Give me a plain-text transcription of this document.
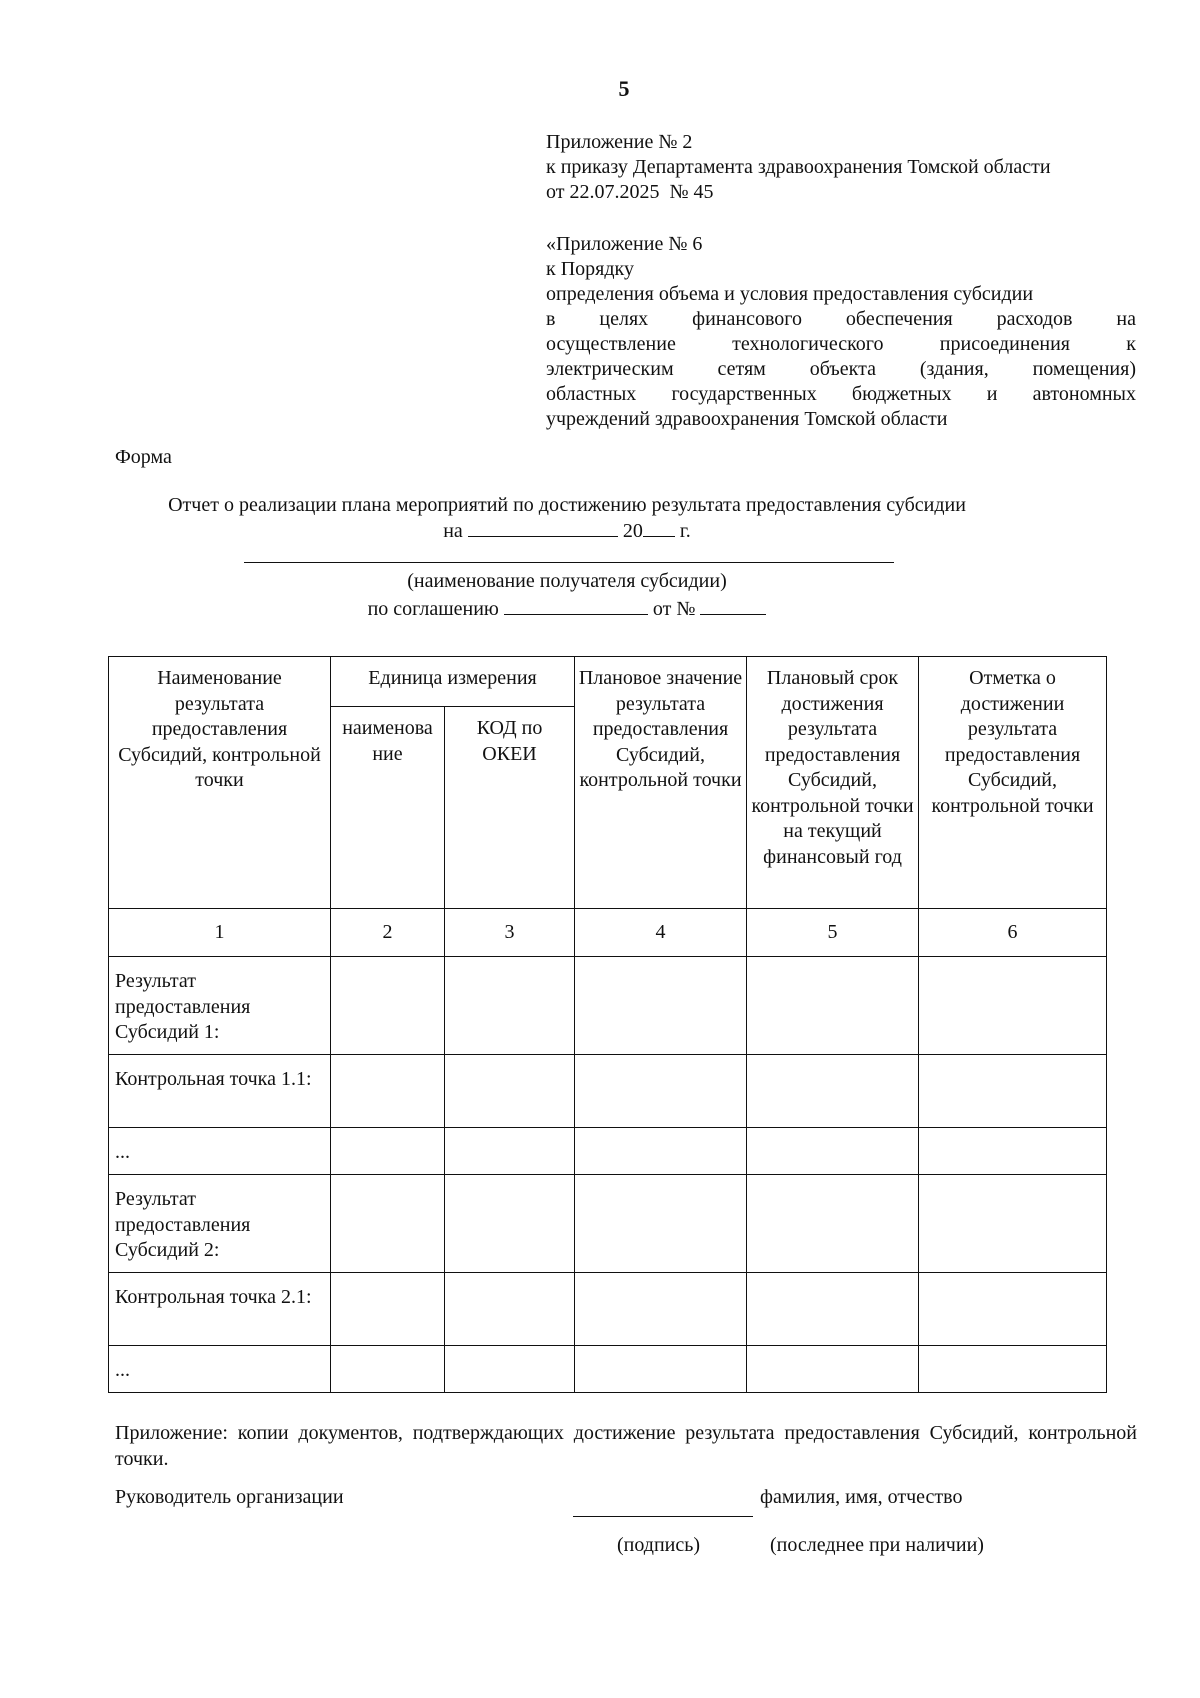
5
Приложение № 2
к приказу Департамента здравоохранения Томской области
от 22.07.2025  № 45
«Приложение № 6
к Порядку
определения объема и условия предоставления субсидии
в целях финансового обеспечения расходов на
осуществление технологического присоединения к
электрическим сетям объекта (здания, помещения)
областных государственных бюджетных и автономных
учреждений здравоохранения Томской области
Форма
Отчет о реализации плана мероприятий по достижению результата предоставления субсидии
на	20 г.
(наименование получателя субсидии)
по соглашению	от №
Наименование результата предоставления Субсидий, контрольной точки	Единица измерения		Плановое значение результата предоставления Субсидий, контрольной точки	Плановый срок достижения результата предоставления Субсидий, контрольной точки на текущий финансовый год	Отметка о достижении результата предоставления Субсидий, контрольной точки
	наименова ние	КОД по ОКЕИ			
1	2	3	4	5	6
Результат предоставления Субсидий 1:					
Контрольная точка 1.1:					
...					
Результат предоставления Субсидий 2:					
Контрольная точка 2.1:					
...					
Приложение: копии документов, подтверждающих достижение результата предоставления Субсидий, контрольной точки.
Руководитель организации	фамилия, имя, отчество
(подпись)	(последнее при наличии)
